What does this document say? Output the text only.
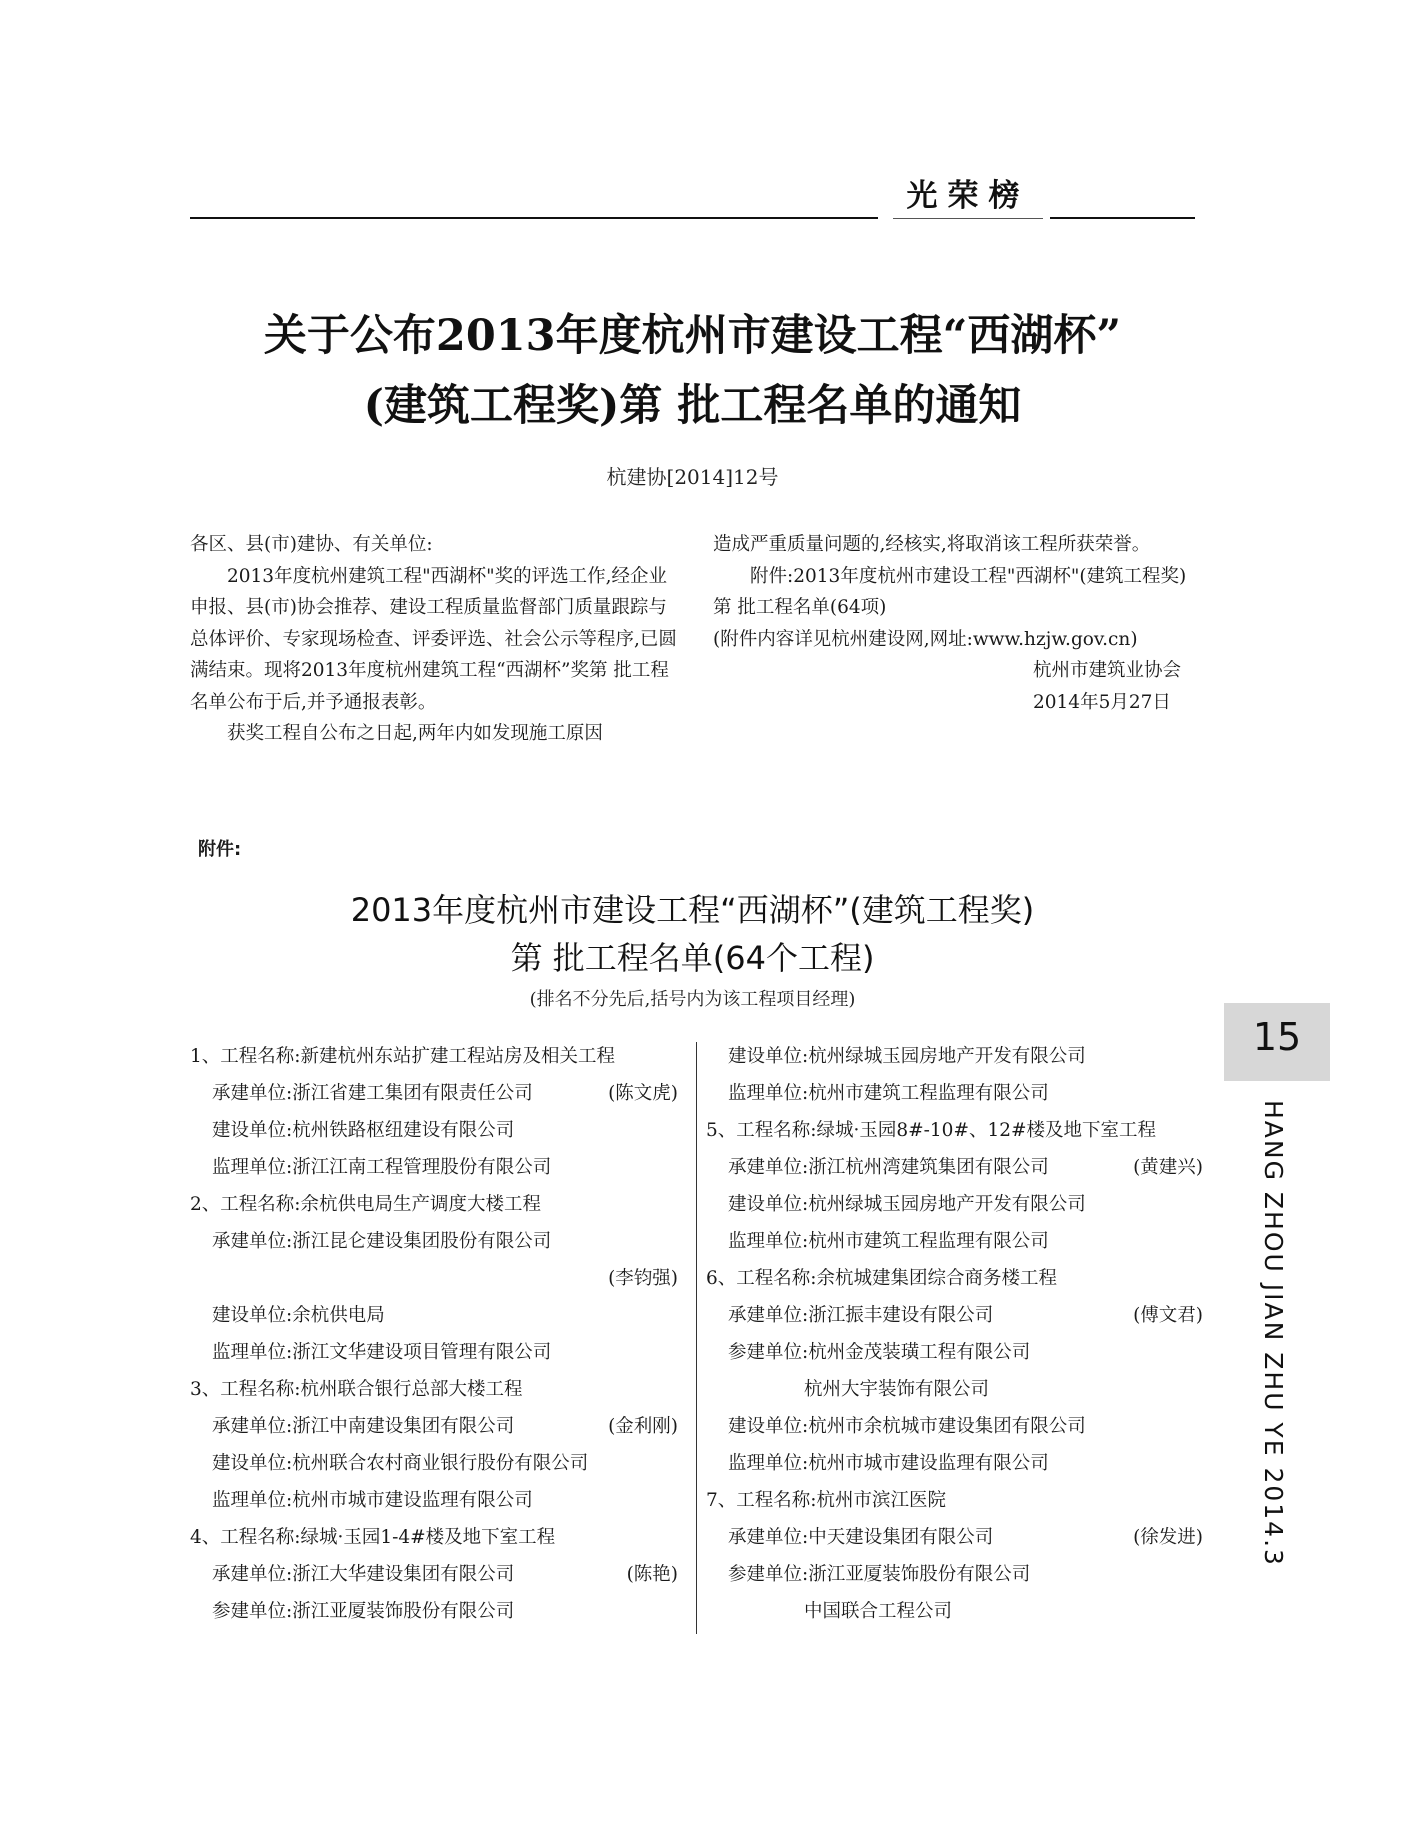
光荣榜
关于公布2013年度杭州市建设工程“西湖杯”
(建筑工程奖)第 批工程名单的通知
杭建协[2014]12号

各区、县(市)建协、有关单位:

2013年度杭州建筑工程"西湖杯"奖的评选工作,经企业申报、县(市)协会推荐、建设工程质量监督部门质量跟踪与总体评价、专家现场检查、评委评选、社会公示等程序,已圆满结束。现将2013年度杭州建筑工程“西湖杯”奖第 批工程名单公布于后,并予通报表彰。

获奖工程自公布之日起,两年内如发现施工原因

造成严重质量问题的,经核实,将取消该工程所获荣誉。

附件:2013年度杭州市建设工程"西湖杯"(建筑工程奖)第 批工程名单(64项)

(附件内容详见杭州建设网,网址:www.hzjw.gov.cn)

杭州市建筑业协会

2014年5月27日

附件:
2013年度杭州市建设工程“西湖杯”(建筑工程奖)
第 批工程名单(64个工程)
(排名不分先后,括号内为该工程项目经理)
1、工程名称:新建杭州东站扩建工程站房及相关工程
承建单位:浙江省建工集团有限责任公司	(陈文虎)
建设单位:杭州铁路枢纽建设有限公司
监理单位:浙江江南工程管理股份有限公司
2、工程名称:余杭供电局生产调度大楼工程
承建单位:浙江昆仑建设集团股份有限公司
(李钧强)
建设单位:余杭供电局
监理单位:浙江文华建设项目管理有限公司
3、工程名称:杭州联合银行总部大楼工程
承建单位:浙江中南建设集团有限公司	(金利刚)
建设单位:杭州联合农村商业银行股份有限公司
监理单位:杭州市城市建设监理有限公司
4、工程名称:绿城·玉园1-4#楼及地下室工程
承建单位:浙江大华建设集团有限公司	(陈艳)
参建单位:浙江亚厦装饰股份有限公司
建设单位:杭州绿城玉园房地产开发有限公司
监理单位:杭州市建筑工程监理有限公司
5、工程名称:绿城·玉园8#-10#、12#楼及地下室工程
承建单位:浙江杭州湾建筑集团有限公司	(黄建兴)
建设单位:杭州绿城玉园房地产开发有限公司
监理单位:杭州市建筑工程监理有限公司
6、工程名称:余杭城建集团综合商务楼工程
承建单位:浙江振丰建设有限公司	(傅文君)
参建单位:杭州金茂装璜工程有限公司
杭州大宇装饰有限公司
建设单位:杭州市余杭城市建设集团有限公司
监理单位:杭州市城市建设监理有限公司
7、工程名称:杭州市滨江医院
承建单位:中天建设集团有限公司	(徐发进)
参建单位:浙江亚厦装饰股份有限公司
中国联合工程公司
15
HANG ZHOU JIAN ZHU YE 2014.3
